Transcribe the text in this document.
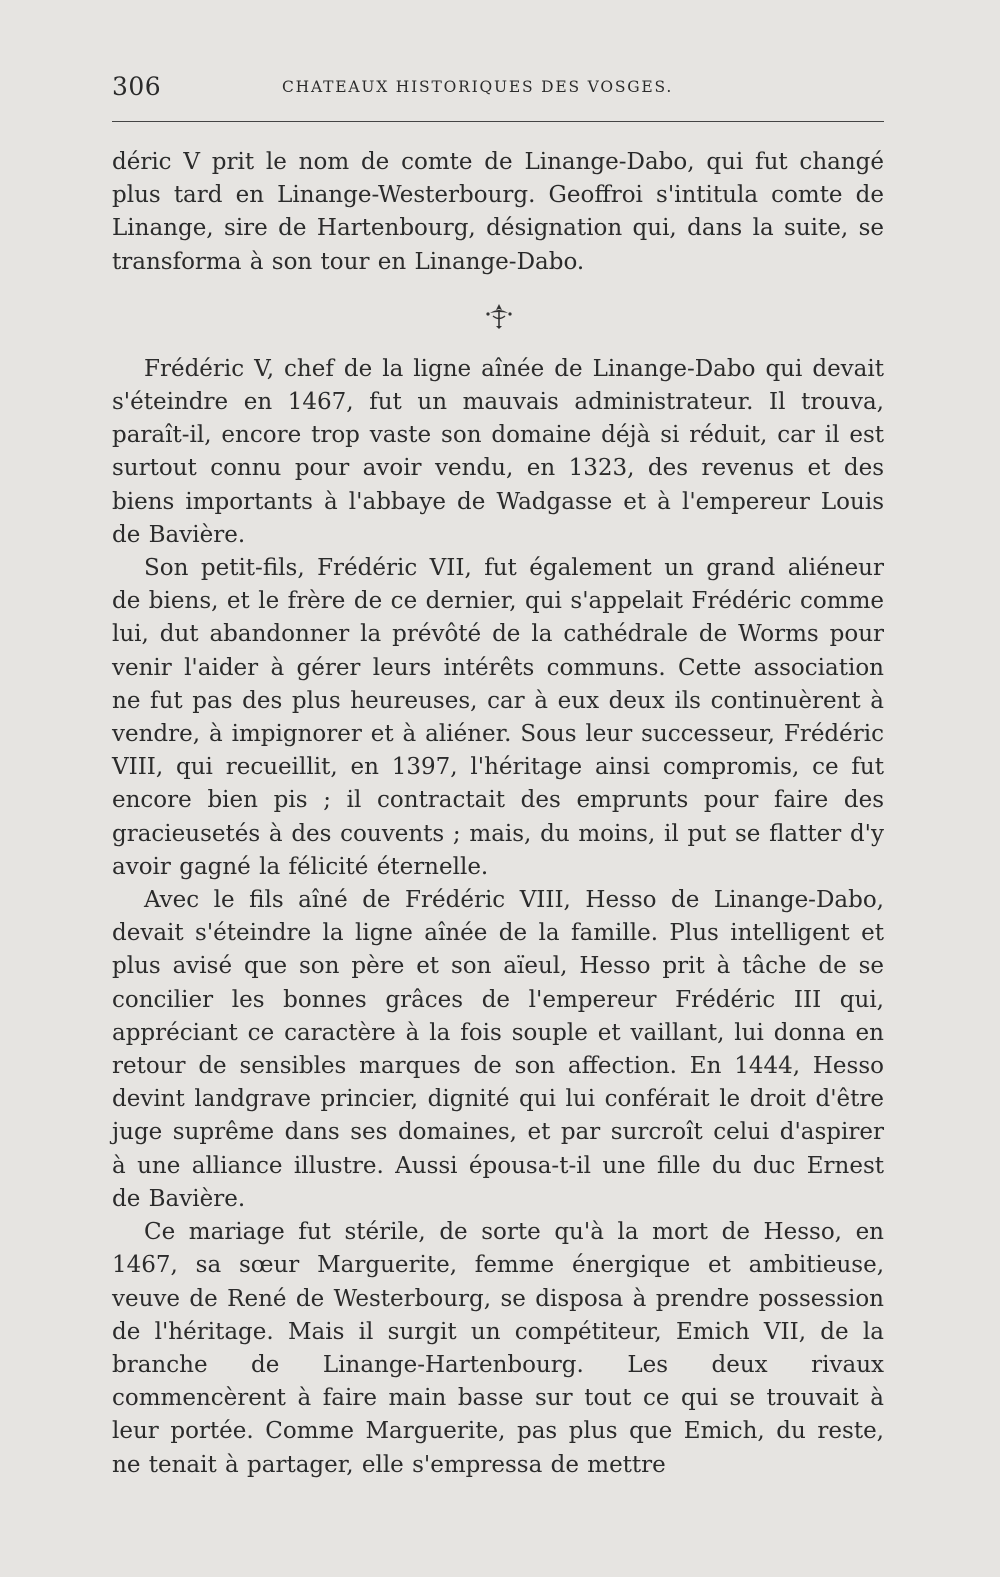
306	CHATEAUX HISTORIQUES DES VOSGES.

déric V prit le nom de comte de Linange-Dabo, qui fut changé plus tard en Linange-Westerbourg. Geoffroi s'intitula comte de Linange, sire de Hartenbourg, désignation qui, dans la suite, se transforma à son tour en Linange-Dabo.

Frédéric V, chef de la ligne aînée de Linange-Dabo qui devait s'éteindre en 1467, fut un mauvais administrateur. Il trouva, paraît-il, encore trop vaste son domaine déjà si réduit, car il est surtout connu pour avoir vendu, en 1323, des revenus et des biens importants à l'abbaye de Wadgasse et à l'empereur Louis de Bavière.

Son petit-fils, Frédéric VII, fut également un grand aliéneur de biens, et le frère de ce dernier, qui s'appelait Frédéric comme lui, dut abandonner la prévôté de la cathédrale de Worms pour venir l'aider à gérer leurs intérêts communs. Cette association ne fut pas des plus heureuses, car à eux deux ils continuèrent à vendre, à impignorer et à aliéner. Sous leur successeur, Frédéric VIII, qui recueillit, en 1397, l'héritage ainsi compromis, ce fut encore bien pis ; il contractait des emprunts pour faire des gracieusetés à des couvents ; mais, du moins, il put se flatter d'y avoir gagné la félicité éternelle.

Avec le fils aîné de Frédéric VIII, Hesso de Linange-Dabo, devait s'éteindre la ligne aînée de la famille. Plus intelligent et plus avisé que son père et son aïeul, Hesso prit à tâche de se concilier les bonnes grâces de l'empereur Frédéric III qui, appréciant ce caractère à la fois souple et vaillant, lui donna en retour de sensibles marques de son affection. En 1444, Hesso devint landgrave princier, dignité qui lui conférait le droit d'être juge suprême dans ses domaines, et par surcroît celui d'aspirer à une alliance illustre. Aussi épousa-t-il une fille du duc Ernest de Bavière.

Ce mariage fut stérile, de sorte qu'à la mort de Hesso, en 1467, sa sœur Marguerite, femme énergique et ambitieuse, veuve de René de Westerbourg, se disposa à prendre possession de l'héritage. Mais il surgit un compétiteur, Emich VII, de la branche de Linange-Hartenbourg. Les deux rivaux commencèrent à faire main basse sur tout ce qui se trouvait à leur portée. Comme Marguerite, pas plus que Emich, du reste, ne tenait à partager, elle s'empressa de mettre
